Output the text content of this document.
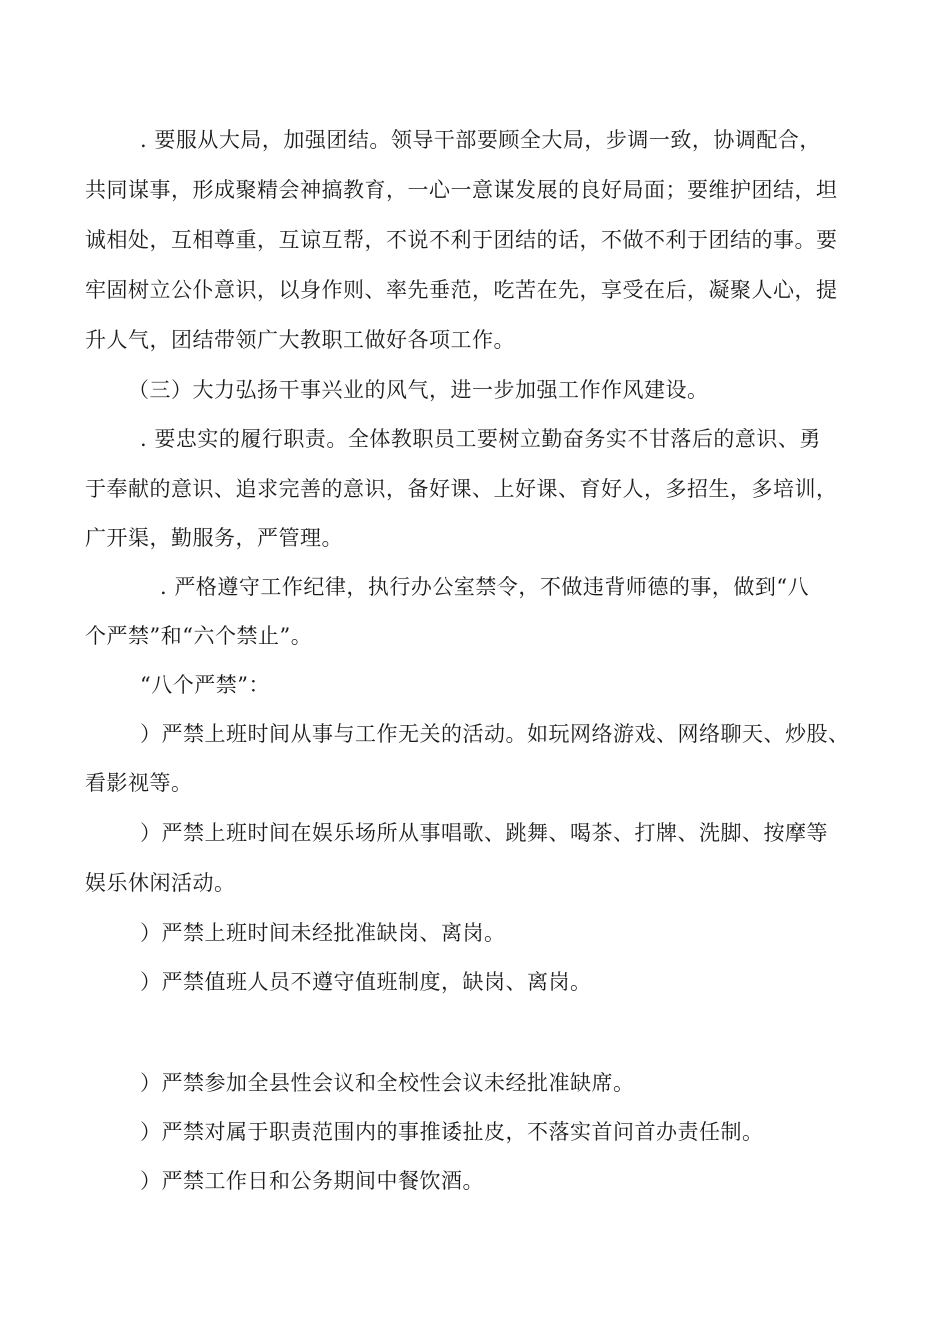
. 要服从大局，加强团结。领导干部要顾全大局，步调一致，协调配合，

共同谋事，形成聚精会神搞教育，一心一意谋发展的良好局面；要维护团结，坦

诚相处，互相尊重，互谅互帮，不说不利于团结的话，不做不利于团结的事。要

牢固树立公仆意识，以身作则、率先垂范，吃苦在先，享受在后，凝聚人心，提

升人气，团结带领广大教职工做好各项工作。

（三）大力弘扬干事兴业的风气，进一步加强工作作风建设。

. 要忠实的履行职责。全体教职员工要树立勤奋务实不甘落后的意识、勇

于奉献的意识、追求完善的意识，备好课、上好课、育好人，多招生，多培训，

广开渠，勤服务，严管理。

. 严格遵守工作纪律，执行办公室禁令，不做违背师德的事，做到“八

个严禁”和“六个禁止”。

“八个严禁”：

）严禁上班时间从事与工作无关的活动。如玩网络游戏、网络聊天、炒股、

看影视等。

）严禁上班时间在娱乐场所从事唱歌、跳舞、喝茶、打牌、洗脚、按摩等

娱乐休闲活动。

）严禁上班时间未经批准缺岗、离岗。

）严禁值班人员不遵守值班制度，缺岗、离岗。

）严禁参加全县性会议和全校性会议未经批准缺席。

）严禁对属于职责范围内的事推诿扯皮，不落实首问首办责任制。

）严禁工作日和公务期间中餐饮酒。
